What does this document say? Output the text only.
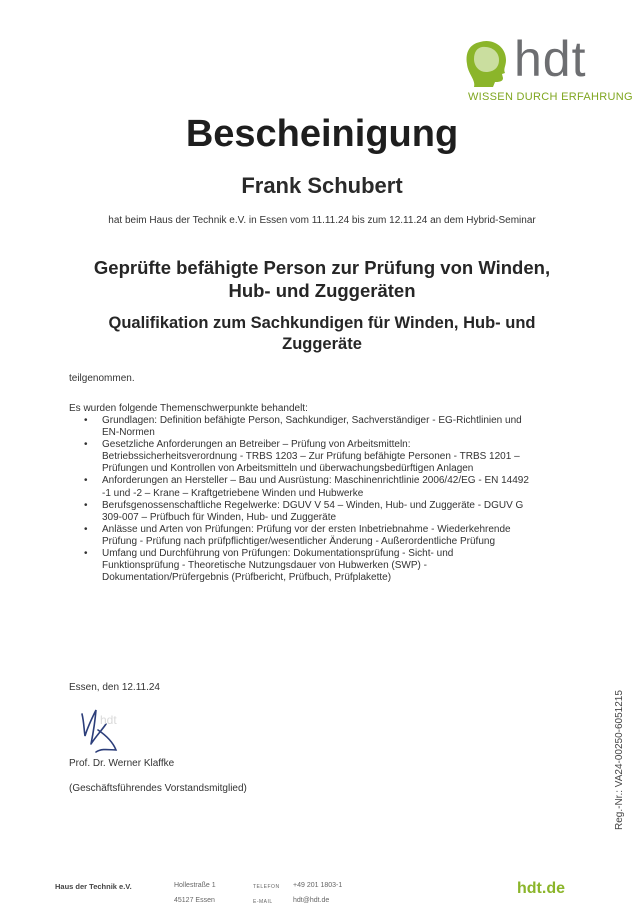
hdt
WISSEN DURCH ERFAHRUNG
Bescheinigung
Frank Schubert
hat beim Haus der Technik e.V. in Essen vom 11.11.24 bis zum 12.11.24 an dem Hybrid-Seminar
Geprüfte befähigte Person zur Prüfung von Winden,
Hub- und Zuggeräten
Qualifikation zum Sachkundigen für Winden, Hub- und
Zuggeräte
teilgenommen.
Es wurden folgende Themenschwerpunkte behandelt:
• Grundlagen: Definition befähigte Person, Sachkundiger, Sachverständiger - EG-Richtlinien und
EN-Normen
• Gesetzliche Anforderungen an Betreiber – Prüfung von Arbeitsmitteln:
Betriebssicherheitsverordnung - TRBS 1203 – Zur Prüfung befähigte Personen - TRBS 1201 –
Prüfungen und Kontrollen von Arbeitsmitteln und überwachungsbedürftigen Anlagen
• Anforderungen an Hersteller – Bau und Ausrüstung: Maschinenrichtlinie 2006/42/EG - EN 14492
-1 und -2 – Krane – Kraftgetriebene Winden und Hubwerke
• Berufsgenossenschaftliche Regelwerke: DGUV V 54 – Winden, Hub- und Zuggeräte - DGUV G
309-007 – Prüfbuch für Winden, Hub- und Zuggeräte
• Anlässe und Arten von Prüfungen: Prüfung vor der ersten Inbetriebnahme - Wiederkehrende
Prüfung - Prüfung nach prüfpflichtiger/wesentlicher Änderung - Außerordentliche Prüfung
• Umfang und Durchführung von Prüfungen: Dokumentationsprüfung - Sicht- und
Funktionsprüfung - Theoretische Nutzungsdauer von Hubwerken (SWP) -
Dokumentation/Prüfergebnis (Prüfbericht, Prüfbuch, Prüfplakette)
Essen, den 12.11.24
hdt
Prof. Dr. Werner Klaffke
(Geschäftsführendes Vorstandsmitglied)	Reg.-Nr.: VA24-00250-6051215
Haus der Technik e.V.	Hollestraße 1
45127 Essen
TELEFON
E-MAIL
+49 201 1803-1
hdt@hdt.de
hdt.de
